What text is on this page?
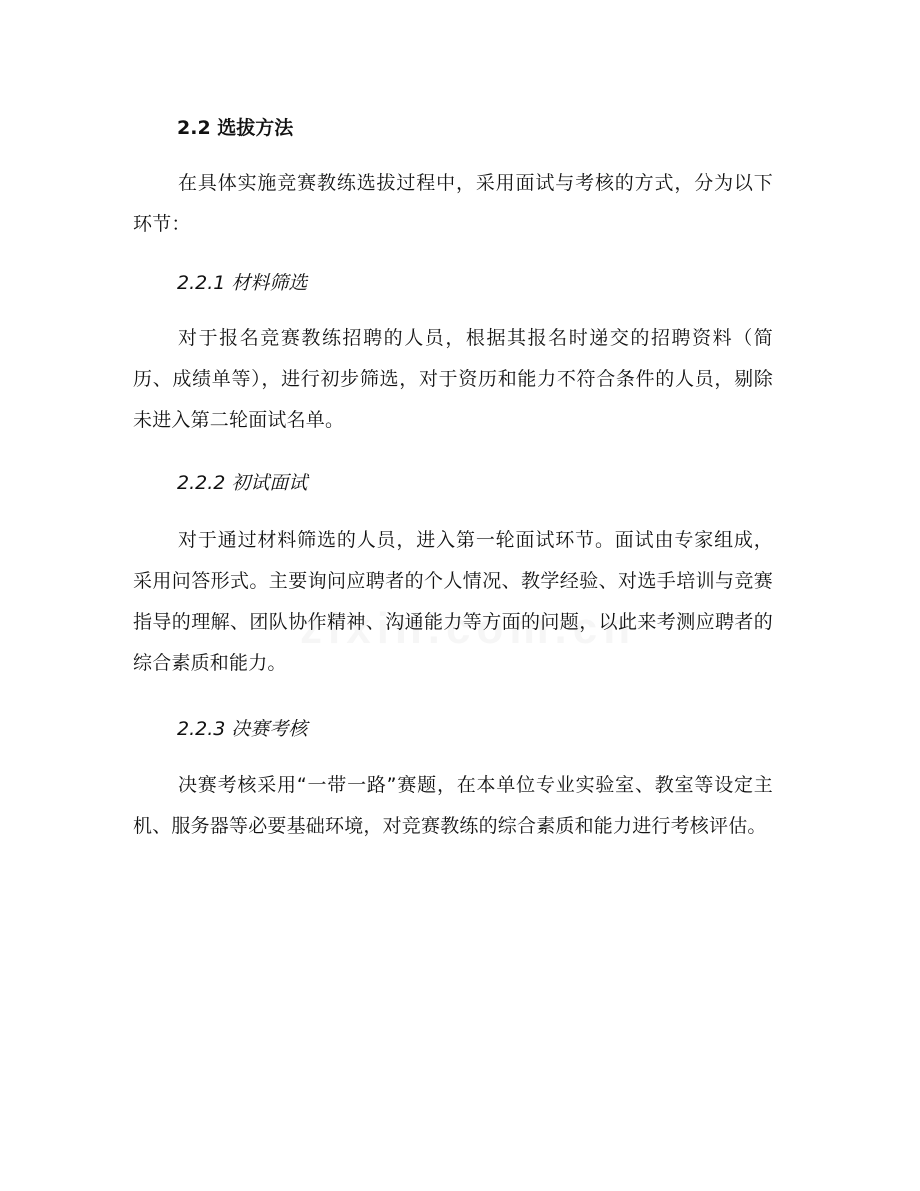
2.2 选拔方法

在具体实施竞赛教练选拔过程中，采用面试与考核的方式，分为以下环节：

2.2.1 材料筛选

对于报名竞赛教练招聘的人员，根据其报名时递交的招聘资料（简历、成绩单等），进行初步筛选，对于资历和能力不符合条件的人员，剔除未进入第二轮面试名单。

2.2.2 初试面试

对于通过材料筛选的人员，进入第一轮面试环节。面试由专家组成，采用问答形式。主要询问应聘者的个人情况、教学经验、对选手培训与竞赛指导的理解、团队协作精神、沟通能力等方面的问题，以此来考测应聘者的综合素质和能力。

2.2.3 决赛考核

决赛考核采用“一带一路”赛题，在本单位专业实验室、教室等设定主机、服务器等必要基础环境，对竞赛教练的综合素质和能力进行考核评估。
